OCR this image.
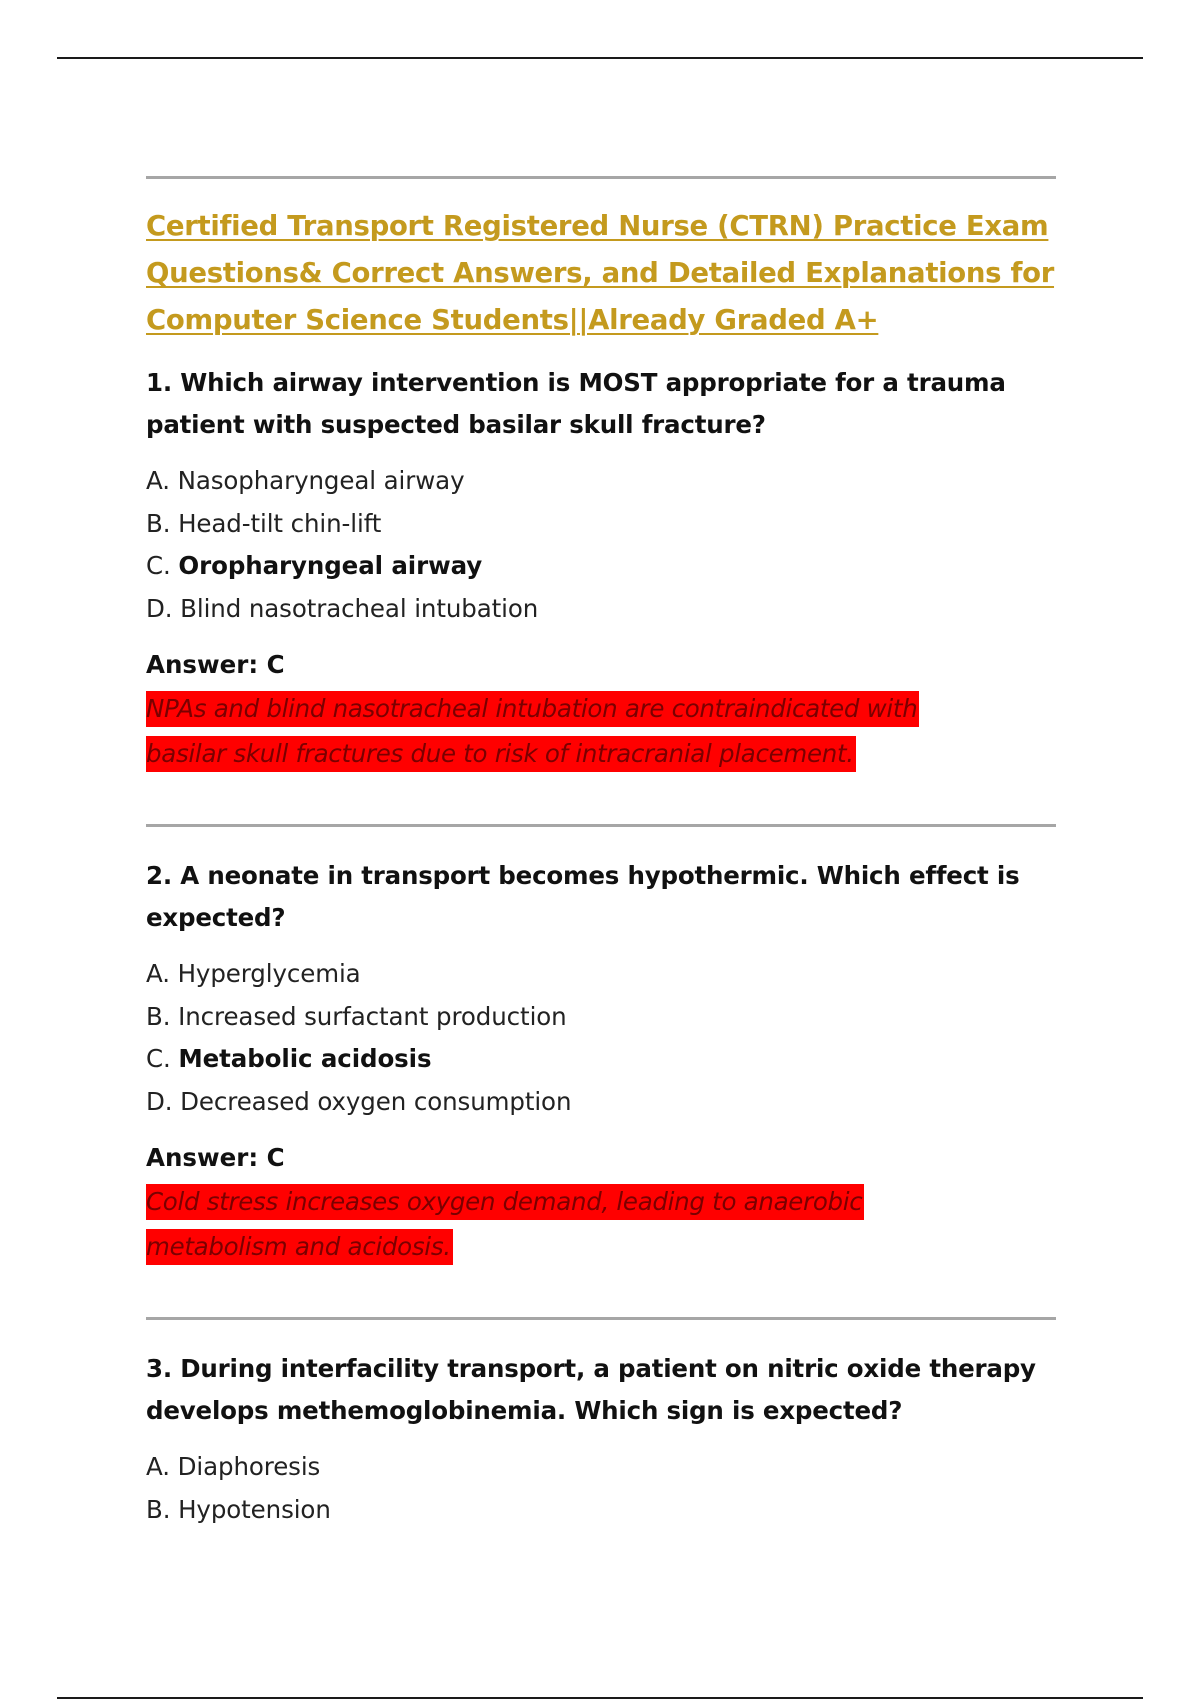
Certified Transport Registered Nurse (CTRN) Practice Exam
Questions& Correct Answers, and Detailed Explanations for
Computer Science Students||Already Graded A+

1. Which airway intervention is MOST appropriate for a trauma
patient with suspected basilar skull fracture?

A. Nasopharyngeal airway
B. Head-tilt chin-lift
C. Oropharyngeal airway
D. Blind nasotracheal intubation

Answer: C

NPAs and blind nasotracheal intubation are contraindicated with
basilar skull fractures due to risk of intracranial placement.

2. A neonate in transport becomes hypothermic. Which effect is
expected?

A. Hyperglycemia
B. Increased surfactant production
C. Metabolic acidosis
D. Decreased oxygen consumption

Answer: C

Cold stress increases oxygen demand, leading to anaerobic
metabolism and acidosis.

3. During interfacility transport, a patient on nitric oxide therapy
develops methemoglobinemia. Which sign is expected?

A. Diaphoresis
B. Hypotension
